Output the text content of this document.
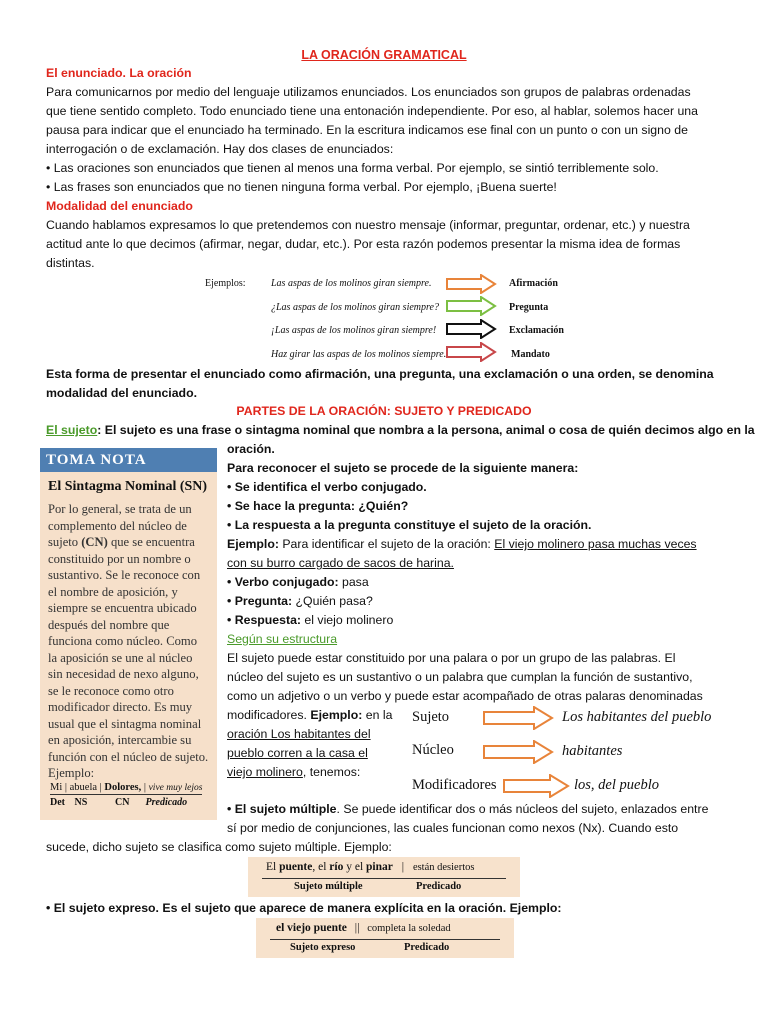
LA ORACIÓN GRAMATICAL

El enunciado. La oración

Para comunicarnos por medio del lenguaje utilizamos enunciados. Los enunciados son grupos de palabras ordenadas

que tiene sentido completo. Todo enunciado tiene una entonación independiente. Por eso, al hablar, solemos hacer una

pausa para indicar que el enunciado ha terminado. En la escritura indicamos ese final con un punto o con un signo de

interrogación o de exclamación. Hay dos clases de enunciados:

• Las oraciones son enunciados que tienen al menos una forma verbal. Por ejemplo, se sintió terriblemente solo.

• Las frases son enunciados que no tienen ninguna forma verbal. Por ejemplo, ¡Buena suerte!

Modalidad del enunciado

Cuando hablamos expresamos lo que pretendemos con nuestro mensaje (informar, preguntar, ordenar, etc.) y nuestra

actitud ante lo que decimos (afirmar, negar, dudar, etc.). Por esta razón podemos presentar la misma idea de formas

distintas.

Ejemplos:	Las aspas de los molinos giran siempre.	Afirmación
¿Las aspas de los molinos giran siempre?	Pregunta
¡Las aspas de los molinos giran siempre!	Exclamación
Haz girar las aspas de los molinos siempre.	Mandato

Esta forma de presentar el enunciado como afirmación, una pregunta, una exclamación o una orden, se denomina

modalidad del enunciado.

PARTES DE LA ORACIÓN: SUJETO Y PREDICADO

El sujeto: El sujeto es una frase o sintagma nominal que nombra a la persona, animal o cosa de quién decimos algo en la

TOMA NOTA
El Sintagma Nominal (SN)
Por lo general, se trata de un complemento del núcleo de sujeto (CN) que se encuentra constituido por un nombre o sustantivo. Se le reconoce con el nombre de aposición, y siempre se encuentra ubicado después del nombre que funciona como núcleo. Como la aposición se une al núcleo sin necesidad de nexo alguno, se le reconoce como otro modificador directo. Es muy usual que el sintagma nominal en aposición, intercambie su función con el núcleo de sujeto. Ejemplo:
Mi | abuela | Dolores, | vive muy lejos
Det NS	CN Predicado

oración.

Para reconocer el sujeto se procede de la siguiente manera:

• Se identifica el verbo conjugado.

• Se hace la pregunta: ¿Quién?

• La respuesta a la pregunta constituye el sujeto de la oración.

Ejemplo: Para identificar el sujeto de la oración: El viejo molinero pasa muchas veces

con su burro cargado de sacos de harina.

• Verbo conjugado: pasa

• Pregunta: ¿Quién pasa?

• Respuesta: el viejo molinero

Según su estructura

El sujeto puede estar constituido por una palara o por un grupo de las palabras. El

núcleo del sujeto es un sustantivo o un palabra que cumplan la función de sustantivo,

como un adjetivo o un verbo y puede estar acompañado de otras palaras denominadas

modificadores. Ejemplo: en la

oración Los habitantes del

pueblo corren a la casa el

viejo molinero, tenemos:

Sujeto	Los habitantes del pueblo
Núcleo	habitantes
Modificadores	los, del pueblo

• El sujeto múltiple. Se puede identificar dos o más núcleos del sujeto, enlazados entre

sí por medio de conjunciones, las cuales funcionan como nexos (Nx). Cuando esto

sucede, dicho sujeto se clasifica como sujeto múltiple. Ejemplo:

El puente, el río y el pinar | están desiertos
Sujeto múltiple	Predicado

• El sujeto expreso. Es el sujeto que aparece de manera explícita en la oración. Ejemplo:

el viejo puente || completa la soledad
Sujeto expreso	Predicado
